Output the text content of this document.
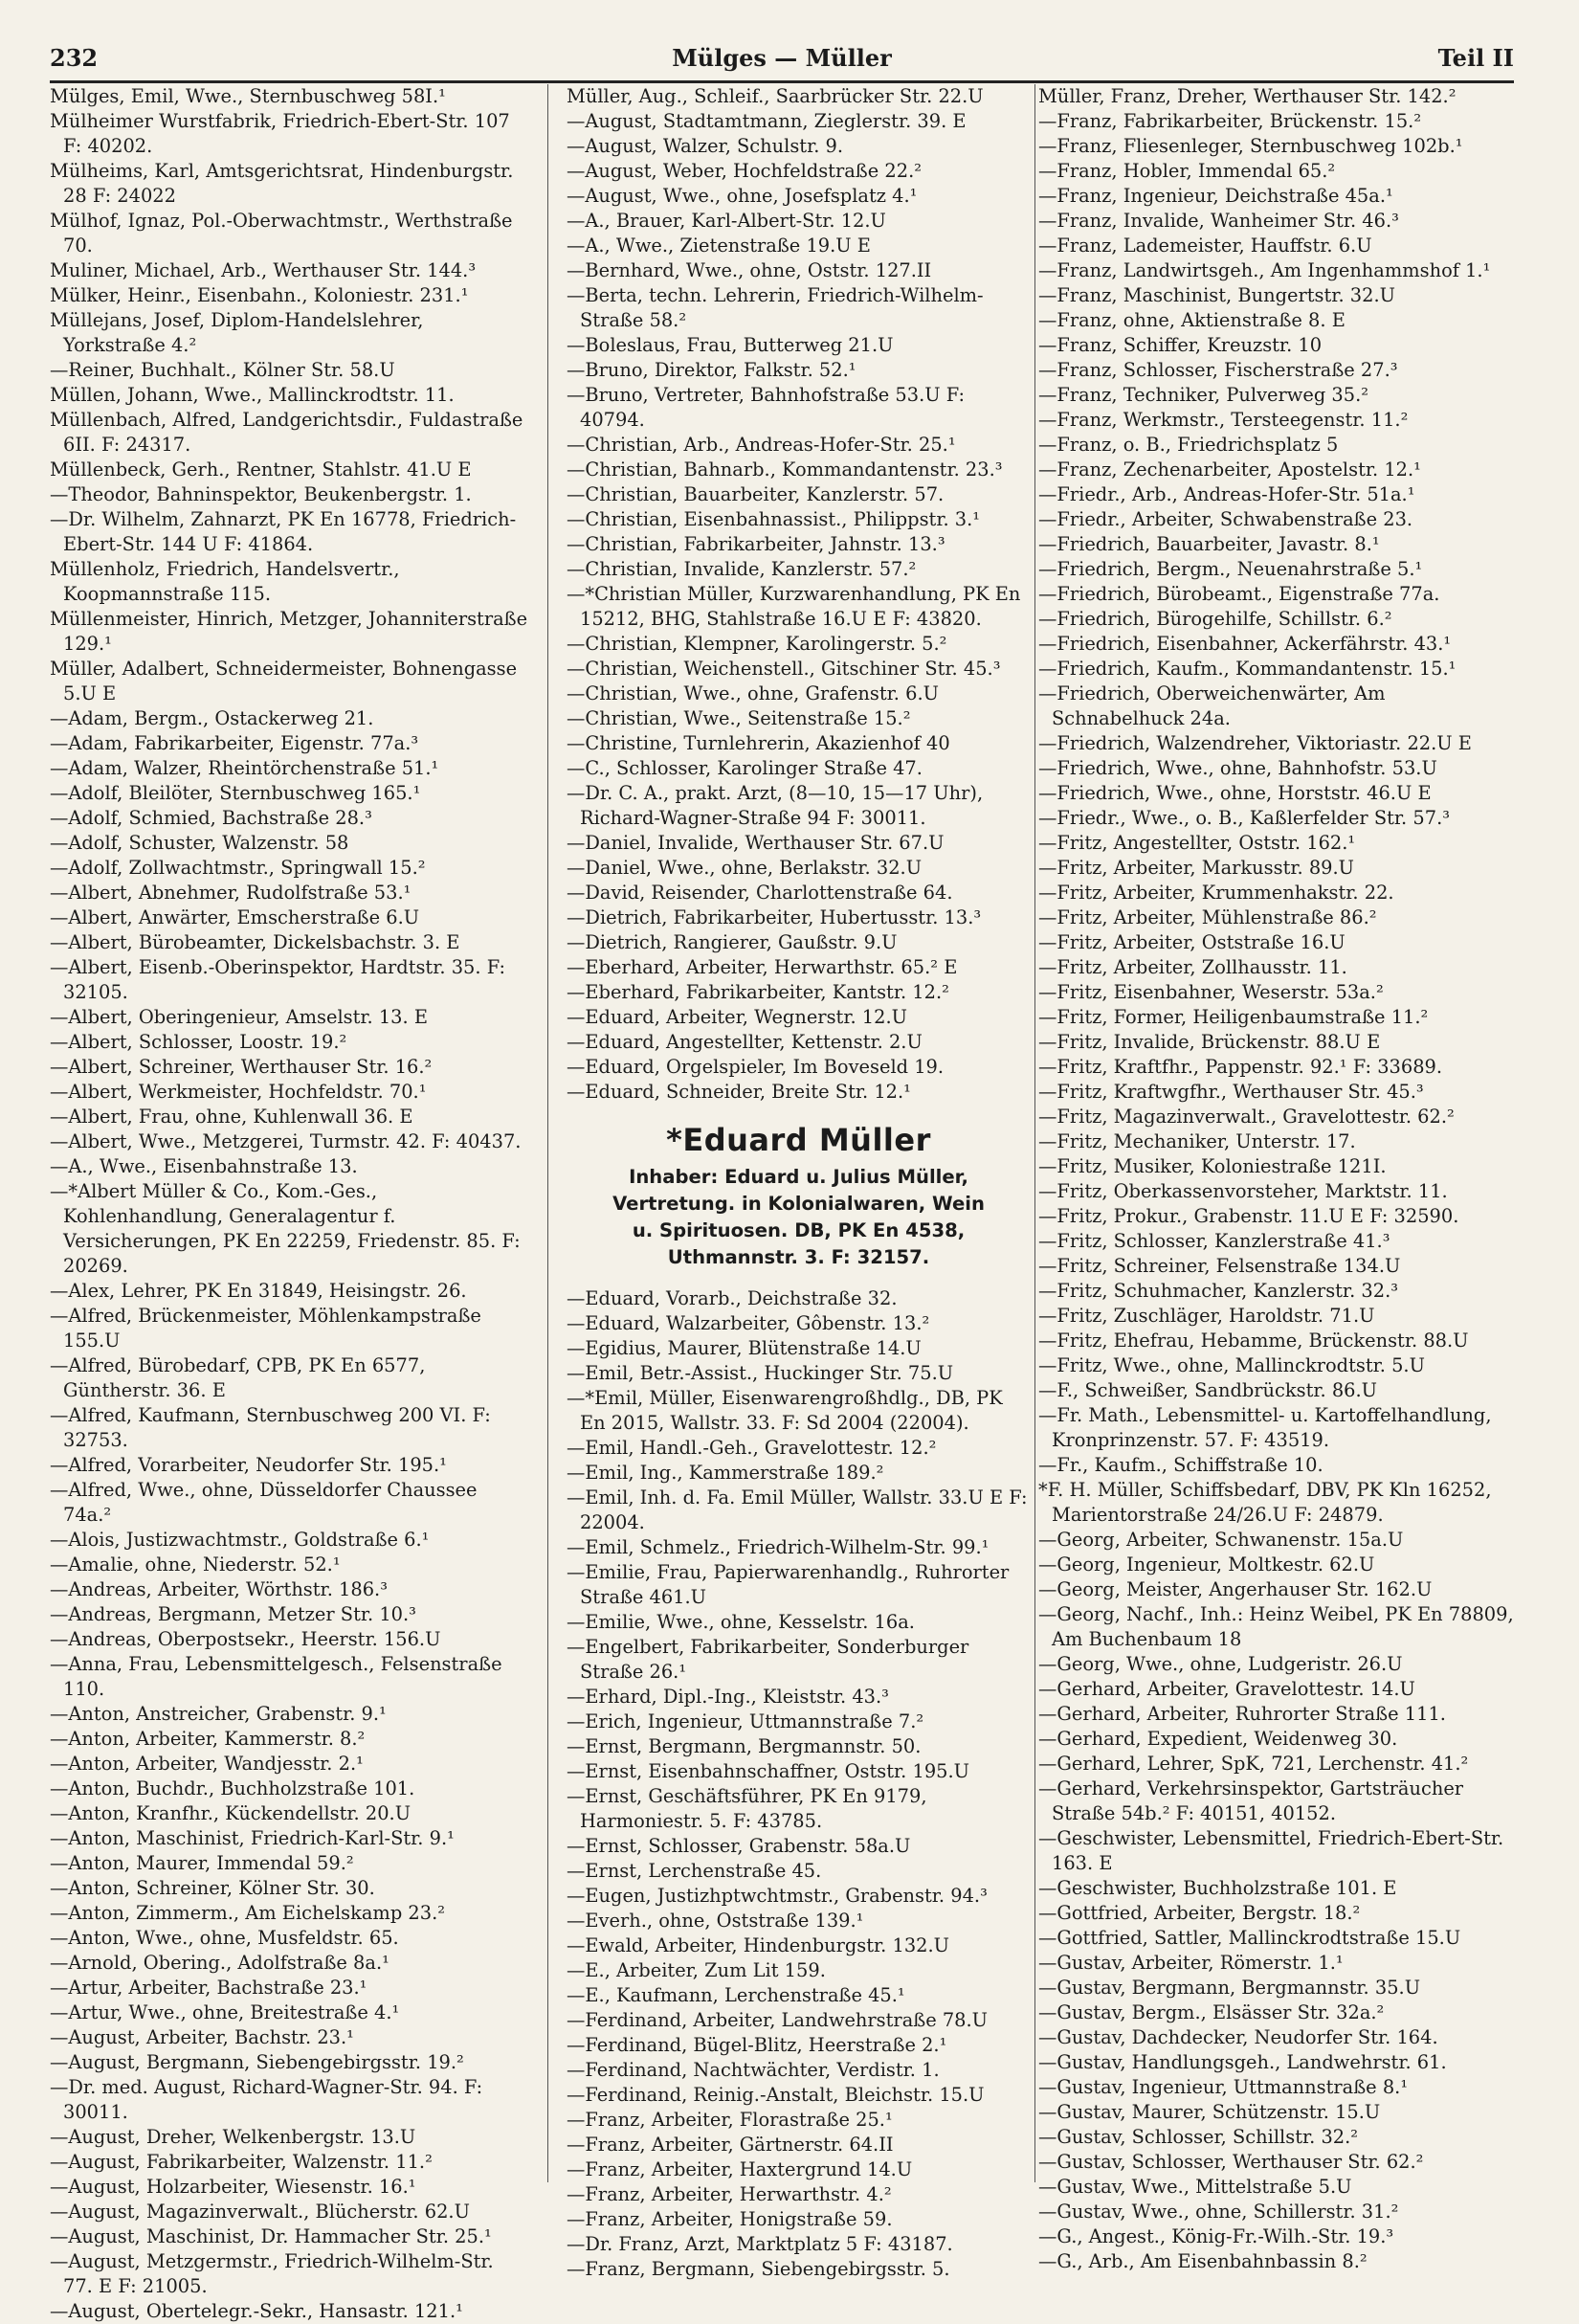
232	Mülges — Müller	Teil II
Mülges, Emil, Wwe., Sternbuschweg 58I.¹
Mülheimer Wurstfabrik, Friedrich-Ebert-Str. 107 F: 40202.
Mülheims, Karl, Amtsgerichtsrat, Hindenburgstr. 28 F: 24022
Mülhof, Ignaz, Pol.-Oberwachtmstr., Werthstraße 70.
Muliner, Michael, Arb., Werthauser Str. 144.³
Mülker, Heinr., Eisenbahn., Koloniestr. 231.¹
Müllejans, Josef, Diplom-Handelslehrer, Yorkstraße 4.²
—Reiner, Buchhalt., Kölner Str. 58.U
Müllen, Johann, Wwe., Mallinckrodtstr. 11.
Müllenbach, Alfred, Landgerichtsdir., Fuldastraße 6II. F: 24317.
Müllenbeck, Gerh., Rentner, Stahlstr. 41.U E
—Theodor, Bahninspektor, Beukenbergstr. 1.
—Dr. Wilhelm, Zahnarzt, PK En 16778, Friedrich-Ebert-Str. 144 U F: 41864.
Müllenholz, Friedrich, Handelsvertr., Koopmannstraße 115.
Müllenmeister, Hinrich, Metzger, Johanniterstraße 129.¹
Müller, Adalbert, Schneidermeister, Bohnengasse 5.U E
—Adam, Bergm., Ostackerweg 21.
—Adam, Fabrikarbeiter, Eigenstr. 77a.³
—Adam, Walzer, Rheintörchenstraße 51.¹
—Adolf, Bleilöter, Sternbuschweg 165.¹
—Adolf, Schmied, Bachstraße 28.³
—Adolf, Schuster, Walzenstr. 58
—Adolf, Zollwachtmstr., Springwall 15.²
—Albert, Abnehmer, Rudolfstraße 53.¹
—Albert, Anwärter, Emscherstraße 6.U
—Albert, Bürobeamter, Dickelsbachstr. 3. E
—Albert, Eisenb.-Oberinspektor, Hardtstr. 35. F: 32105.
—Albert, Oberingenieur, Amselstr. 13. E
—Albert, Schlosser, Loostr. 19.²
—Albert, Schreiner, Werthauser Str. 16.²
—Albert, Werkmeister, Hochfeldstr. 70.¹
—Albert, Frau, ohne, Kuhlenwall 36. E
—Albert, Wwe., Metzgerei, Turmstr. 42. F: 40437.
—A., Wwe., Eisenbahnstraße 13.
—*Albert Müller & Co., Kom.-Ges., Kohlenhandlung, Generalagentur f. Versicherungen, PK En 22259, Friedenstr. 85. F: 20269.
—Alex, Lehrer, PK En 31849, Heisingstr. 26.
—Alfred, Brückenmeister, Möhlenkampstraße 155.U
—Alfred, Bürobedarf, CPB, PK En 6577, Güntherstr. 36. E
—Alfred, Kaufmann, Sternbuschweg 200 VI. F: 32753.
—Alfred, Vorarbeiter, Neudorfer Str. 195.¹
—Alfred, Wwe., ohne, Düsseldorfer Chaussee 74a.²
—Alois, Justizwachtmstr., Goldstraße 6.¹
—Amalie, ohne, Niederstr. 52.¹
—Andreas, Arbeiter, Wörthstr. 186.³
—Andreas, Bergmann, Metzer Str. 10.³
—Andreas, Oberpostsekr., Heerstr. 156.U
—Anna, Frau, Lebensmittelgesch., Felsenstraße 110.
—Anton, Anstreicher, Grabenstr. 9.¹
—Anton, Arbeiter, Kammerstr. 8.²
—Anton, Arbeiter, Wandjesstr. 2.¹
—Anton, Buchdr., Buchholzstraße 101.
—Anton, Kranfhr., Kückendellstr. 20.U
—Anton, Maschinist, Friedrich-Karl-Str. 9.¹
—Anton, Maurer, Immendal 59.²
—Anton, Schreiner, Kölner Str. 30.
—Anton, Zimmerm., Am Eichelskamp 23.²
—Anton, Wwe., ohne, Musfeldstr. 65.
—Arnold, Obering., Adolfstraße 8a.¹
—Artur, Arbeiter, Bachstraße 23.¹
—Artur, Wwe., ohne, Breitestraße 4.¹
—August, Arbeiter, Bachstr. 23.¹
—August, Bergmann, Siebengebirgsstr. 19.²
—Dr. med. August, Richard-Wagner-Str. 94. F: 30011.
—August, Dreher, Welkenbergstr. 13.U
—August, Fabrikarbeiter, Walzenstr. 11.²
—August, Holzarbeiter, Wiesenstr. 16.¹
—August, Magazinverwalt., Blücherstr. 62.U
—August, Maschinist, Dr. Hammacher Str. 25.¹
—August, Metzgermstr., Friedrich-Wilhelm-Str. 77. E F: 21005.
—August, Obertelegr.-Sekr., Hansastr. 121.¹
Müller, Aug., Schleif., Saarbrücker Str. 22.U
—August, Stadtamtmann, Zieglerstr. 39. E
—August, Walzer, Schulstr. 9.
—August, Weber, Hochfeldstraße 22.²
—August, Wwe., ohne, Josefsplatz 4.¹
—A., Brauer, Karl-Albert-Str. 12.U
—A., Wwe., Zietenstraße 19.U E
—Bernhard, Wwe., ohne, Oststr. 127.II
—Berta, techn. Lehrerin, Friedrich-Wilhelm-Straße 58.²
—Boleslaus, Frau, Butterweg 21.U
—Bruno, Direktor, Falkstr. 52.¹
—Bruno, Vertreter, Bahnhofstraße 53.U F: 40794.
—Christian, Arb., Andreas-Hofer-Str. 25.¹
—Christian, Bahnarb., Kommandantenstr. 23.³
—Christian, Bauarbeiter, Kanzlerstr. 57.
—Christian, Eisenbahnassist., Philippstr. 3.¹
—Christian, Fabrikarbeiter, Jahnstr. 13.³
—Christian, Invalide, Kanzlerstr. 57.²
—*Christian Müller, Kurzwarenhandlung, PK En 15212, BHG, Stahlstraße 16.U E F: 43820.
—Christian, Klempner, Karolingerstr. 5.²
—Christian, Weichenstell., Gitschiner Str. 45.³
—Christian, Wwe., ohne, Grafenstr. 6.U
—Christian, Wwe., Seitenstraße 15.²
—Christine, Turnlehrerin, Akazienhof 40
—C., Schlosser, Karolinger Straße 47.
—Dr. C. A., prakt. Arzt, (8—10, 15—17 Uhr), Richard-Wagner-Straße 94 F: 30011.
—Daniel, Invalide, Werthauser Str. 67.U
—Daniel, Wwe., ohne, Berlakstr. 32.U
—David, Reisender, Charlottenstraße 64.
—Dietrich, Fabrikarbeiter, Hubertusstr. 13.³
—Dietrich, Rangierer, Gaußstr. 9.U
—Eberhard, Arbeiter, Herwarthstr. 65.² E
—Eberhard, Fabrikarbeiter, Kantstr. 12.²
—Eduard, Arbeiter, Wegnerstr. 12.U
—Eduard, Angestellter, Kettenstr. 2.U
—Eduard, Orgelspieler, Im Boveseld 19.
—Eduard, Schneider, Breite Str. 12.¹
*Eduard Müller
Inhaber: Eduard u. Julius Müller,
Vertretung. in Kolonialwaren, Wein
u. Spirituosen. DB, PK En 4538,
Uthmannstr. 3. F: 32157.
—Eduard, Vorarb., Deichstraße 32.
—Eduard, Walzarbeiter, Gôbenstr. 13.²
—Egidius, Maurer, Blütenstraße 14.U
—Emil, Betr.-Assist., Huckinger Str. 75.U
—*Emil, Müller, Eisenwarengroßhdlg., DB, PK En 2015, Wallstr. 33. F: Sd 2004 (22004).
—Emil, Handl.-Geh., Gravelottestr. 12.²
—Emil, Ing., Kammerstraße 189.²
—Emil, Inh. d. Fa. Emil Müller, Wallstr. 33.U E F: 22004.
—Emil, Schmelz., Friedrich-Wilhelm-Str. 99.¹
—Emilie, Frau, Papierwarenhandlg., Ruhrorter Straße 461.U
—Emilie, Wwe., ohne, Kesselstr. 16a.
—Engelbert, Fabrikarbeiter, Sonderburger Straße 26.¹
—Erhard, Dipl.-Ing., Kleiststr. 43.³
—Erich, Ingenieur, Uttmannstraße 7.²
—Ernst, Bergmann, Bergmannstr. 50.
—Ernst, Eisenbahnschaffner, Oststr. 195.U
—Ernst, Geschäftsführer, PK En 9179, Harmoniestr. 5. F: 43785.
—Ernst, Schlosser, Grabenstr. 58a.U
—Ernst, Lerchenstraße 45.
—Eugen, Justizhptwchtmstr., Grabenstr. 94.³
—Everh., ohne, Oststraße 139.¹
—Ewald, Arbeiter, Hindenburgstr. 132.U
—E., Arbeiter, Zum Lit 159.
—E., Kaufmann, Lerchenstraße 45.¹
—Ferdinand, Arbeiter, Landwehrstraße 78.U
—Ferdinand, Bügel-Blitz, Heerstraße 2.¹
—Ferdinand, Nachtwächter, Verdistr. 1.
—Ferdinand, Reinig.-Anstalt, Bleichstr. 15.U
—Franz, Arbeiter, Florastraße 25.¹
—Franz, Arbeiter, Gärtnerstr. 64.II
—Franz, Arbeiter, Haxtergrund 14.U
—Franz, Arbeiter, Herwarthstr. 4.²
—Franz, Arbeiter, Honigstraße 59.
—Dr. Franz, Arzt, Marktplatz 5 F: 43187.
—Franz, Bergmann, Siebengebirgsstr. 5.
Müller, Franz, Dreher, Werthauser Str. 142.²
—Franz, Fabrikarbeiter, Brückenstr. 15.²
—Franz, Fliesenleger, Sternbuschweg 102b.¹
—Franz, Hobler, Immendal 65.²
—Franz, Ingenieur, Deichstraße 45a.¹
—Franz, Invalide, Wanheimer Str. 46.³
—Franz, Lademeister, Hauffstr. 6.U
—Franz, Landwirtsgeh., Am Ingenhammshof 1.¹
—Franz, Maschinist, Bungertstr. 32.U
—Franz, ohne, Aktienstraße 8. E
—Franz, Schiffer, Kreuzstr. 10
—Franz, Schlosser, Fischerstraße 27.³
—Franz, Techniker, Pulverweg 35.²
—Franz, Werkmstr., Tersteegenstr. 11.²
—Franz, o. B., Friedrichsplatz 5
—Franz, Zechenarbeiter, Apostelstr. 12.¹
—Friedr., Arb., Andreas-Hofer-Str. 51a.¹
—Friedr., Arbeiter, Schwabenstraße 23.
—Friedrich, Bauarbeiter, Javastr. 8.¹
—Friedrich, Bergm., Neuenahrstraße 5.¹
—Friedrich, Bürobeamt., Eigenstraße 77a.
—Friedrich, Bürogehilfe, Schillstr. 6.²
—Friedrich, Eisenbahner, Ackerfährstr. 43.¹
—Friedrich, Kaufm., Kommandantenstr. 15.¹
—Friedrich, Oberweichenwärter, Am Schnabelhuck 24a.
—Friedrich, Walzendreher, Viktoriastr. 22.U E
—Friedrich, Wwe., ohne, Bahnhofstr. 53.U
—Friedrich, Wwe., ohne, Horststr. 46.U E
—Friedr., Wwe., o. B., Kaßlerfelder Str. 57.³
—Fritz, Angestellter, Oststr. 162.¹
—Fritz, Arbeiter, Markusstr. 89.U
—Fritz, Arbeiter, Krummenhakstr. 22.
—Fritz, Arbeiter, Mühlenstraße 86.²
—Fritz, Arbeiter, Oststraße 16.U
—Fritz, Arbeiter, Zollhausstr. 11.
—Fritz, Eisenbahner, Weserstr. 53a.²
—Fritz, Former, Heiligenbaumstraße 11.²
—Fritz, Invalide, Brückenstr. 88.U E
—Fritz, Kraftfhr., Pappenstr. 92.¹ F: 33689.
—Fritz, Kraftwgfhr., Werthauser Str. 45.³
—Fritz, Magazinverwalt., Gravelottestr. 62.²
—Fritz, Mechaniker, Unterstr. 17.
—Fritz, Musiker, Koloniestraße 121I.
—Fritz, Oberkassenvorsteher, Marktstr. 11.
—Fritz, Prokur., Grabenstr. 11.U E F: 32590.
—Fritz, Schlosser, Kanzlerstraße 41.³
—Fritz, Schreiner, Felsenstraße 134.U
—Fritz, Schuhmacher, Kanzlerstr. 32.³
—Fritz, Zuschläger, Haroldstr. 71.U
—Fritz, Ehefrau, Hebamme, Brückenstr. 88.U
—Fritz, Wwe., ohne, Mallinckrodtstr. 5.U
—F., Schweißer, Sandbrückstr. 86.U
—Fr. Math., Lebensmittel- u. Kartoffelhandlung, Kronprinzenstr. 57. F: 43519.
—Fr., Kaufm., Schiffstraße 10.
*F. H. Müller, Schiffsbedarf, DBV, PK Kln 16252, Marientorstraße 24/26.U F: 24879.
—Georg, Arbeiter, Schwanenstr. 15a.U
—Georg, Ingenieur, Moltkestr. 62.U
—Georg, Meister, Angerhauser Str. 162.U
—Georg, Nachf., Inh.: Heinz Weibel, PK En 78809, Am Buchenbaum 18
—Georg, Wwe., ohne, Ludgeristr. 26.U
—Gerhard, Arbeiter, Gravelottestr. 14.U
—Gerhard, Arbeiter, Ruhrorter Straße 111.
—Gerhard, Expedient, Weidenweg 30.
—Gerhard, Lehrer, SpK, 721, Lerchenstr. 41.²
—Gerhard, Verkehrsinspektor, Gartsträucher Straße 54b.² F: 40151, 40152.
—Geschwister, Lebensmittel, Friedrich-Ebert-Str. 163. E
—Geschwister, Buchholzstraße 101. E
—Gottfried, Arbeiter, Bergstr. 18.²
—Gottfried, Sattler, Mallinckrodtstraße 15.U
—Gustav, Arbeiter, Römerstr. 1.¹
—Gustav, Bergmann, Bergmannstr. 35.U
—Gustav, Bergm., Elsässer Str. 32a.²
—Gustav, Dachdecker, Neudorfer Str. 164.
—Gustav, Handlungsgeh., Landwehrstr. 61.
—Gustav, Ingenieur, Uttmannstraße 8.¹
—Gustav, Maurer, Schützenstr. 15.U
—Gustav, Schlosser, Schillstr. 32.²
—Gustav, Schlosser, Werthauser Str. 62.²
—Gustav, Wwe., Mittelstraße 5.U
—Gustav, Wwe., ohne, Schillerstr. 31.²
—G., Angest., König-Fr.-Wilh.-Str. 19.³
—G., Arb., Am Eisenbahnbassin 8.²
